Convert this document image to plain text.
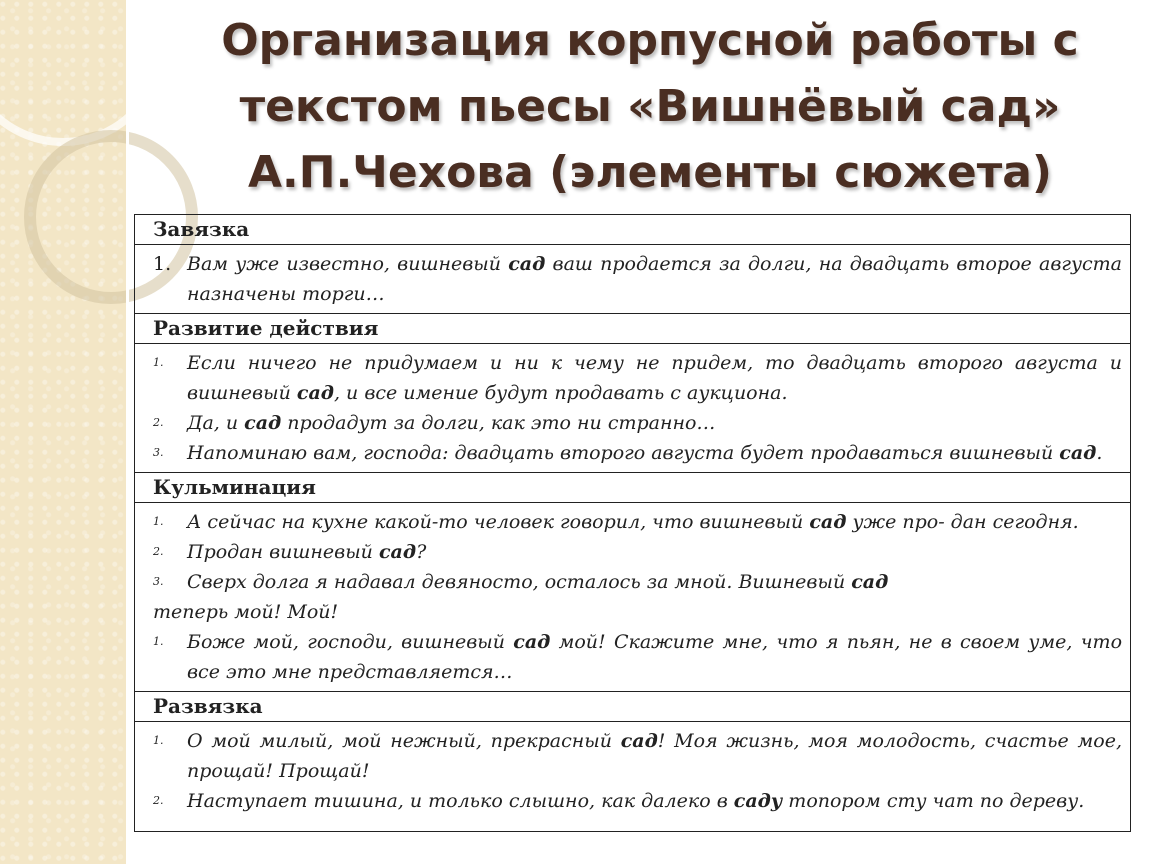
Организация корпусной работы с
текстом пьесы «Вишнёвый сад»
А.П.Чехова (элементы сюжета)
Завязка
1. Вам уже известно, вишневый сад ваш продается за долги, на двадцать второе августа назначены торги…
Развитие действия
1.	Если ничего не придумаем и ни к чему не придем, то двадцать второго августа и вишневый сад, и все имение будут продавать с аукциона.
2.	Да, и сад продадут за долги, как это ни странно…
3.	Напоминаю вам, господа: двадцать второго августа будет продаваться вишневый сад.
Кульминация
1.	А сейчас на кухне какой-то человек говорил, что вишневый сад уже про- дан сегодня.
2.	Продан вишневый сад?
3.	Сверх долга я надавал девяносто, осталось за мной. Вишневый сад
теперь мой! Мой!
1.	Боже мой, господи, вишневый сад мой! Скажите мне, что я пьян, не в своем уме, что все это мне представляется…
Развязка
1.	О мой милый, мой нежный, прекрасный сад! Моя жизнь, моя молодость, счастье мое, прощай! Прощай!
2.	Наступает тишина, и только слышно, как далеко в саду топором сту чат по дереву.
